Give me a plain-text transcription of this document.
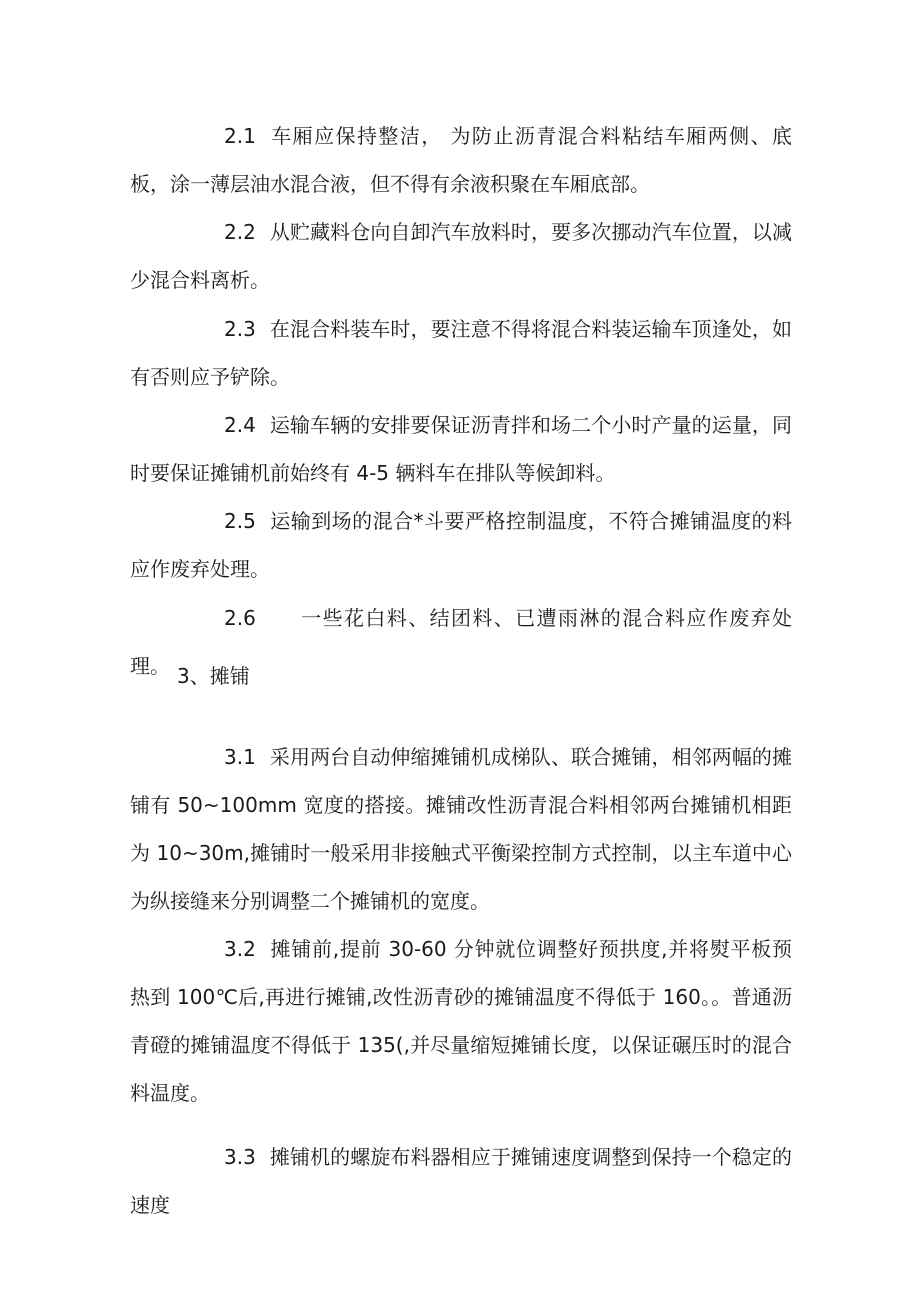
2.1 车厢应保持整洁， 为防止沥青混合料粘结车厢两侧、底板，涂一薄层油水混合液，但不得有余液积聚在车厢底部。

2.2 从贮藏料仓向自卸汽车放料时，要多次挪动汽车位置，以减少混合料离析。

2.3 在混合料装车时，要注意不得将混合料装运输车顶逢处，如有否则应予铲除。

2.4 运输车辆的安排要保证沥青拌和场二个小时产量的运量，同时要保证摊铺机前始终有 4-5 辆料车在排队等候卸料。

2.5 运输到场的混合*斗要严格控制温度，不符合摊铺温度的料应作废弃处理。

2.6 一些花白料、结团料、已遭雨淋的混合料应作废弃处理。 3、摊铺

3.1 采用两台自动伸缩摊铺机成梯队、联合摊铺，相邻两幅的摊铺有 50~100mm 宽度的搭接。摊铺改性沥青混合料相邻两台摊铺机相距为 10~30m,摊铺时一般采用非接触式平衡梁控制方式控制，以主车道中心为纵接缝来分别调整二个摊铺机的宽度。

3.2 摊铺前,提前 30-60 分钟就位调整好预拱度,并将熨平板预热到 100℃后,再进行摊铺,改性沥青砂的摊铺温度不得低于 160。。普通沥青磴的摊铺温度不得低于 135(,并尽量缩短摊铺长度，以保证碾压时的混合料温度。

3.3 摊铺机的螺旋布料器相应于摊铺速度调整到保持一个稳定的速度
